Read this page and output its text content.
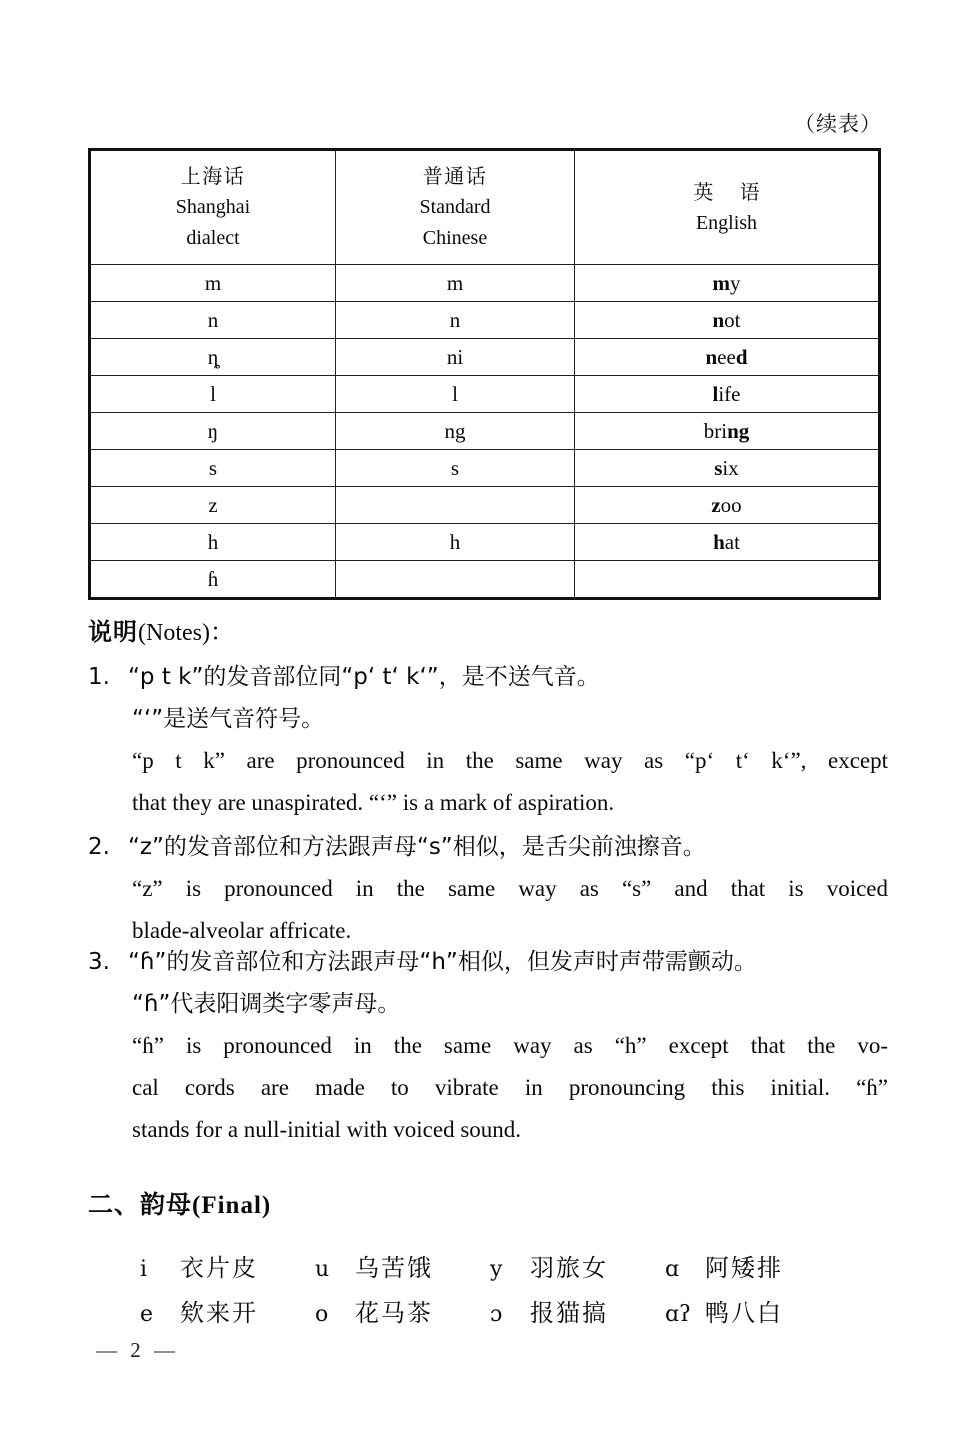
（续表）
上海话
Shanghai
dialect

普通话
Standard
Chinese

英 语
English

m	m	my
n	n	not
ȵ	ni	need
l	l	life
ŋ	ng	bring
s	s	six
z		zoo
h	h	hat
ɦ		
说明(Notes)：
1. “p t k”的发音部位同“pʻ tʻ kʻ”，是不送气音。
“ʻ”是送气音符号。
“p t k” are pronounced in the same way as “pʻ tʻ kʻ”, except
that they are unaspirated. “ʻ” is a mark of aspiration.
2. “z”的发音部位和方法跟声母“s”相似，是舌尖前浊擦音。
“z” is pronounced in the same way as “s” and that is voiced
blade-alveolar affricate.
3. “ɦ”的发音部位和方法跟声母“h”相似，但发声时声带需颤动。
“ɦ”代表阳调类字零声母。
“ɦ” is pronounced in the same way as “h” except that the vo-
cal cords are made to vibrate in pronouncing this initial. “ɦ”
stands for a null-initial with voiced sound.
二、韵母(Final)
i	衣片皮	u	乌苦饿	y	羽旅女	ɑ	阿矮排
e	欸来开	o	花马茶	ɔ	报猫搞	ɑʔ 鸭八白
— 2 —
